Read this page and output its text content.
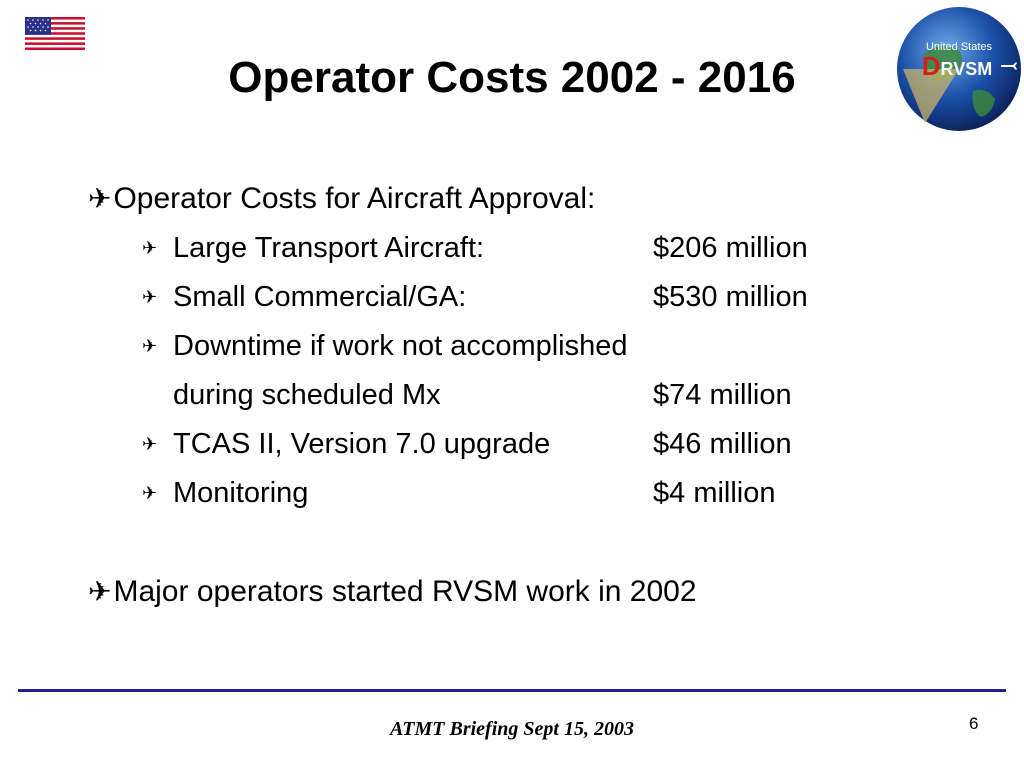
United States
DRVSM
Operator Costs 2002 - 2016
✈Operator Costs for Aircraft Approval:
✈ Large Transport Aircraft:	$206 million
✈ Small Commercial/GA:	$530 million
✈ Downtime if work not accomplished
during scheduled Mx	$74 million
✈ TCAS II, Version 7.0 upgrade	$46 million
✈ Monitoring	$4 million
✈Major operators started RVSM work in 2002
ATMT Briefing Sept 15, 2003	6
